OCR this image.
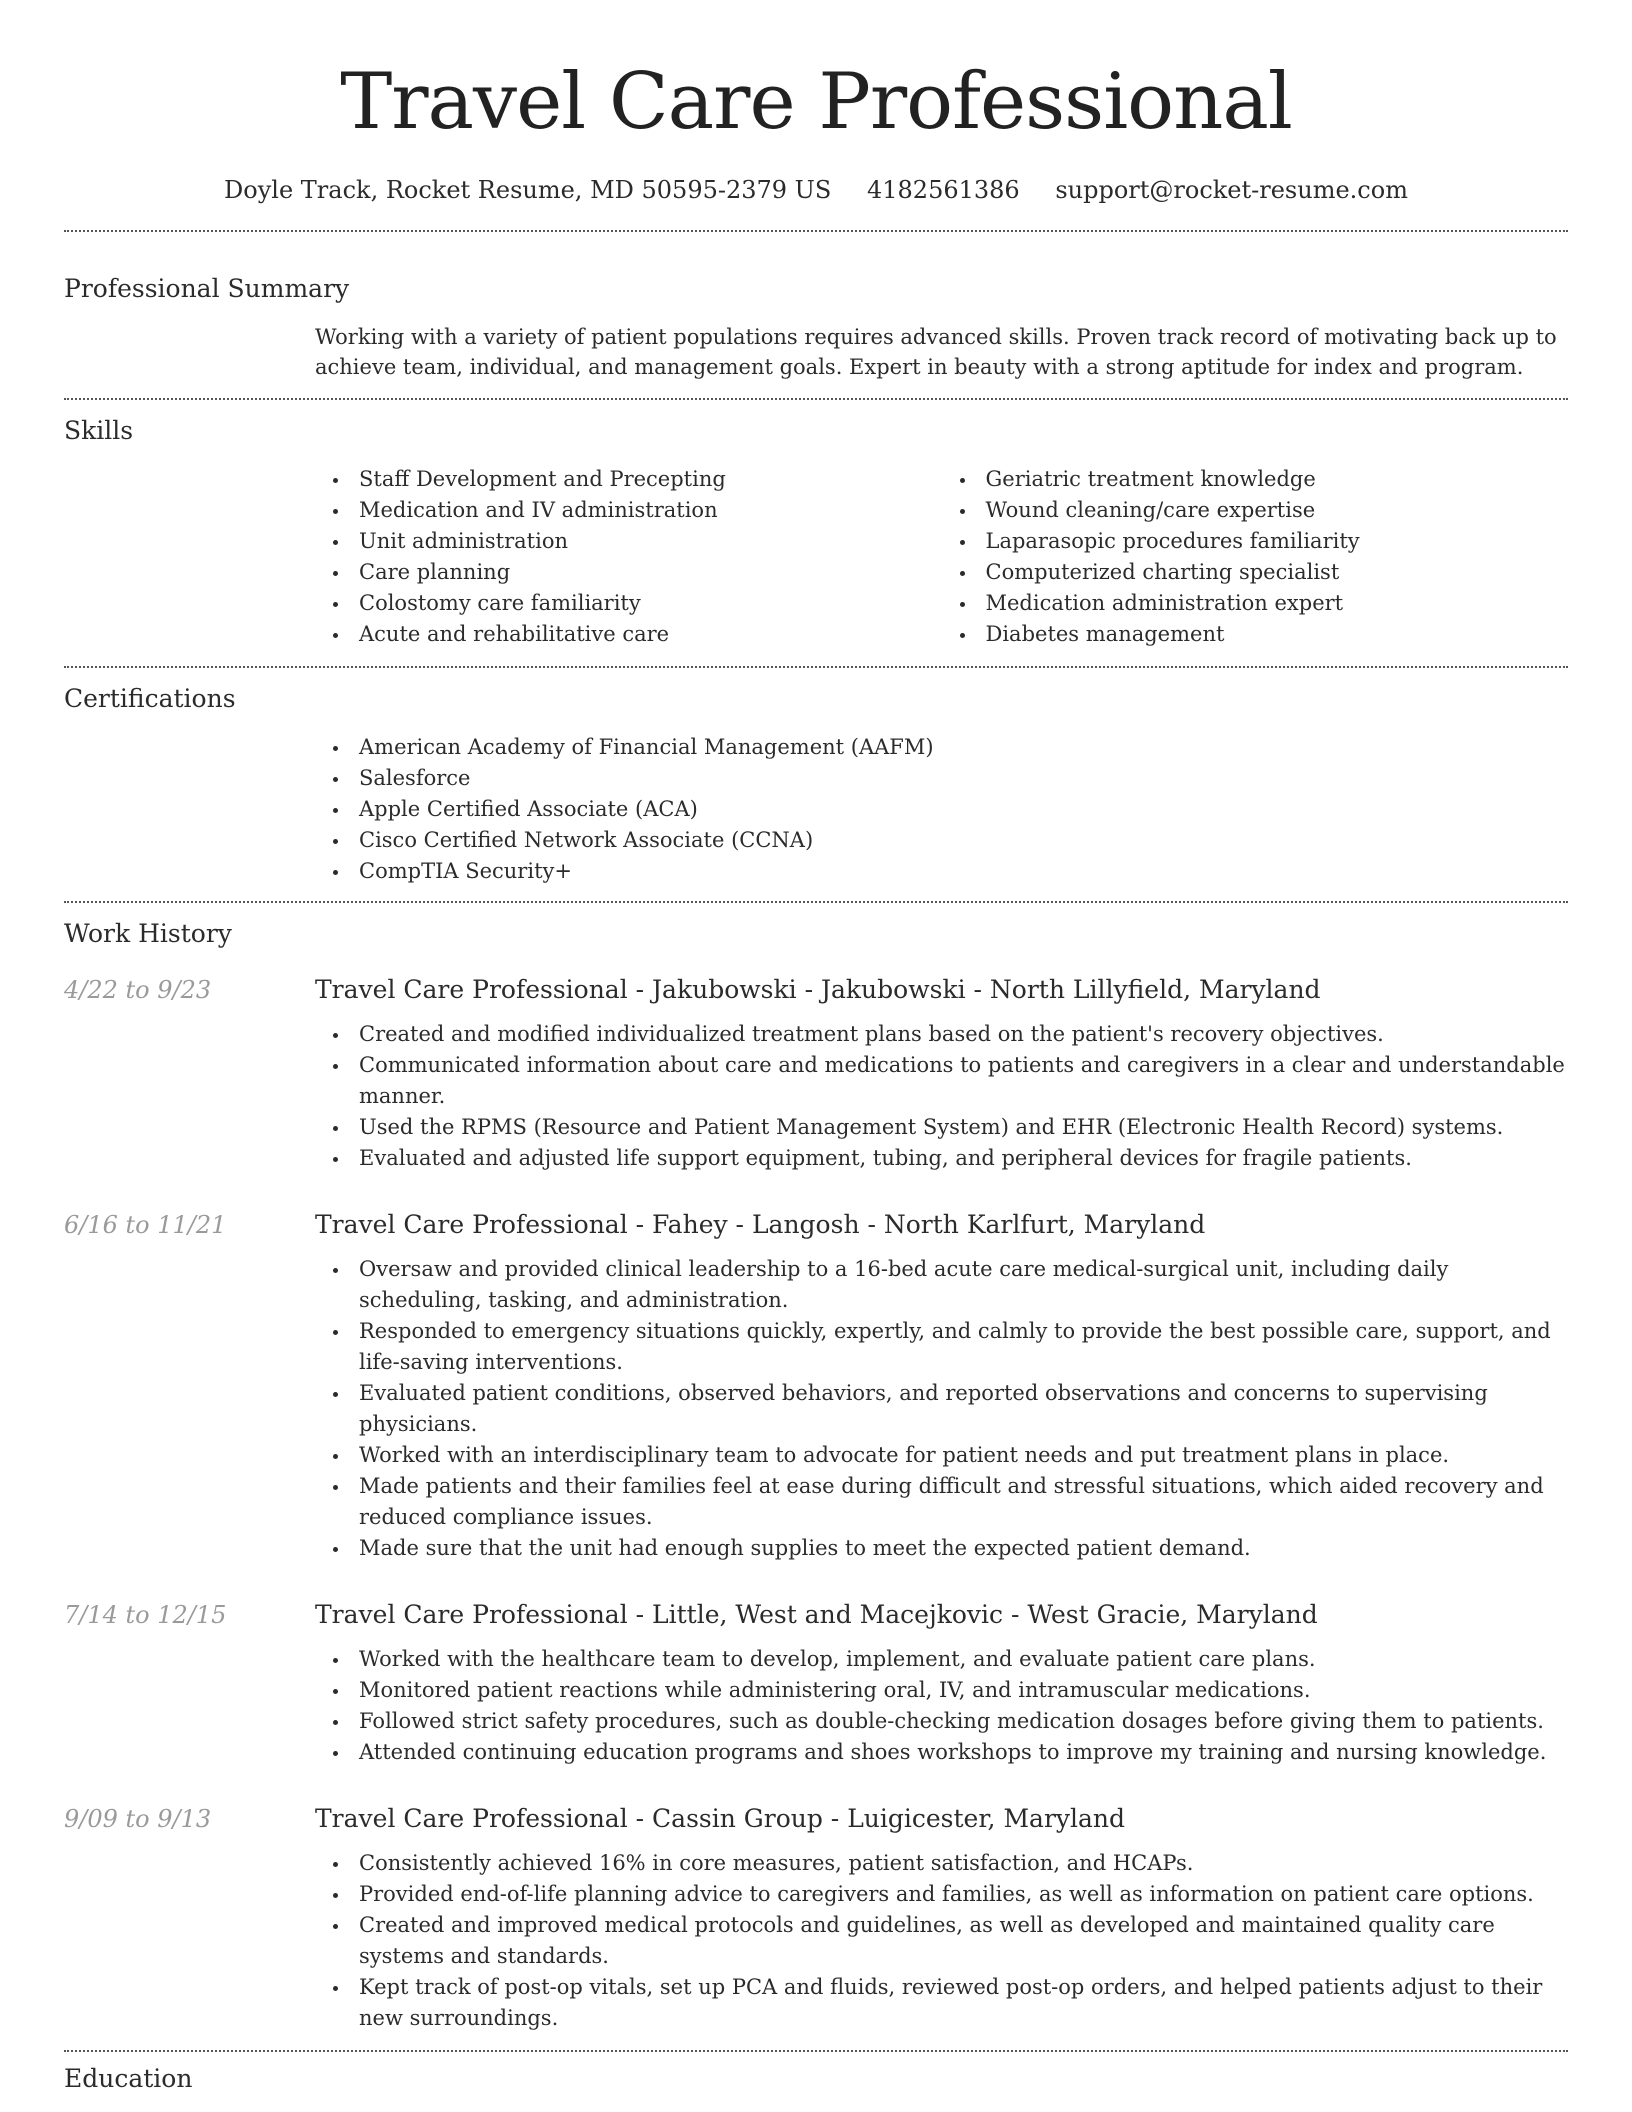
Travel Care Professional
Doyle Track, Rocket Resume, MD 50595-2379 US 4182561386 support@rocket-resume.com
Professional Summary
Working with a variety of patient populations requires advanced skills. Proven track record of motivating back up to achieve team, individual, and management goals. Expert in beauty with a strong aptitude for index and program.
Skills
Staff Development and Precepting
Medication and IV administration
Unit administration
Care planning
Colostomy care familiarity
Acute and rehabilitative care
Geriatric treatment knowledge
Wound cleaning/care expertise
Laparasopic procedures familiarity
Computerized charting specialist
Medication administration expert
Diabetes management
Certifications
American Academy of Financial Management (AAFM)
Salesforce
Apple Certified Associate (ACA)
Cisco Certified Network Associate (CCNA)
CompTIA Security+
Work History
4/22 to 9/23	Travel Care Professional - Jakubowski - Jakubowski - North Lillyfield, Maryland
Created and modified individualized treatment plans based on the patient's recovery objectives.
Communicated information about care and medications to patients and caregivers in a clear and understandable manner.
Used the RPMS (Resource and Patient Management System) and EHR (Electronic Health Record) systems.
Evaluated and adjusted life support equipment, tubing, and peripheral devices for fragile patients.
6/16 to 11/21	Travel Care Professional - Fahey - Langosh - North Karlfurt, Maryland
Oversaw and provided clinical leadership to a 16-bed acute care medical-surgical unit, including daily scheduling, tasking, and administration.
Responded to emergency situations quickly, expertly, and calmly to provide the best possible care, support, and life-saving interventions.
Evaluated patient conditions, observed behaviors, and reported observations and concerns to supervising physicians.
Worked with an interdisciplinary team to advocate for patient needs and put treatment plans in place.
Made patients and their families feel at ease during difficult and stressful situations, which aided recovery and reduced compliance issues.
Made sure that the unit had enough supplies to meet the expected patient demand.
7/14 to 12/15	Travel Care Professional - Little, West and Macejkovic - West Gracie, Maryland
Worked with the healthcare team to develop, implement, and evaluate patient care plans.
Monitored patient reactions while administering oral, IV, and intramuscular medications.
Followed strict safety procedures, such as double-checking medication dosages before giving them to patients.
Attended continuing education programs and shoes workshops to improve my training and nursing knowledge.
9/09 to 9/13	Travel Care Professional - Cassin Group - Luigicester, Maryland
Consistently achieved 16% in core measures, patient satisfaction, and HCAPs.
Provided end-of-life planning advice to caregivers and families, as well as information on patient care options.
Created and improved medical protocols and guidelines, as well as developed and maintained quality care systems and standards.
Kept track of post-op vitals, set up PCA and fluids, reviewed post-op orders, and helped patients adjust to their new surroundings.
Education
